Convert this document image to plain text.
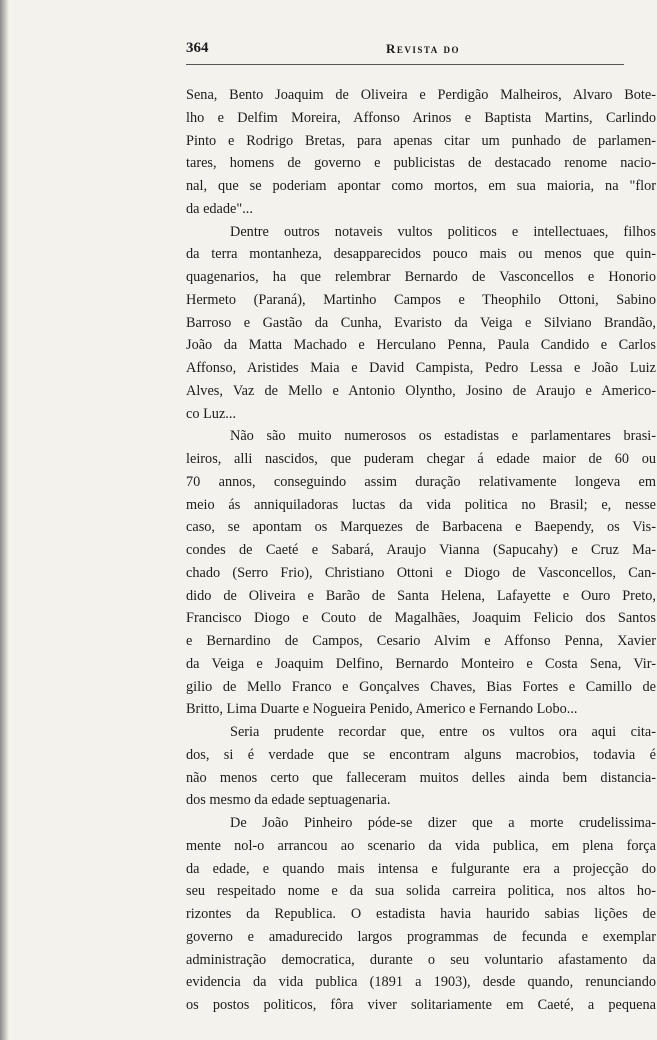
364	Revista do
Sena, Bento Joaquim de Oliveira e Perdigão Malheiros, Alvaro Bote-
lho e Delfim Moreira, Affonso Arinos e Baptista Martins, Carlindo
Pinto e Rodrigo Bretas, para apenas citar um punhado de parlamen-
tares, homens de governo e publicistas de destacado renome nacio-
nal, que se poderiam apontar como mortos, em sua maioria, na "flor
da edade"...
Dentre outros notaveis vultos politicos e intellectuaes, filhos
da terra montanheza, desapparecidos pouco mais ou menos que quin-
quagenarios, ha que relembrar Bernardo de Vasconcellos e Honorio
Hermeto (Paraná), Martinho Campos e Theophilo Ottoni, Sabino
Barroso e Gastão da Cunha, Evaristo da Veiga e Silviano Brandão,
João da Matta Machado e Herculano Penna, Paula Candido e Carlos
Affonso, Aristides Maia e David Campista, Pedro Lessa e João Luiz
Alves, Vaz de Mello e Antonio Olyntho, Josino de Araujo e Americo-
co Luz...
Não são muito numerosos os estadistas e parlamentares brasi-
leiros, alli nascidos, que puderam chegar á edade maior de 60 ou
70 annos, conseguindo assim duração relativamente longeva em
meio ás anniquiladoras luctas da vida politica no Brasil; e, nesse
caso, se apontam os Marquezes de Barbacena e Baependy, os Vis-
condes de Caeté e Sabará, Araujo Vianna (Sapucahy) e Cruz Ma-
chado (Serro Frio), Christiano Ottoni e Diogo de Vasconcellos, Can-
dido de Oliveira e Barão de Santa Helena, Lafayette e Ouro Preto,
Francisco Diogo e Couto de Magalhães, Joaquim Felicio dos Santos
e Bernardino de Campos, Cesario Alvim e Affonso Penna, Xavier
da Veiga e Joaquim Delfino, Bernardo Monteiro e Costa Sena, Vir-
gilio de Mello Franco e Gonçalves Chaves, Bias Fortes e Camillo de
Britto, Lima Duarte e Nogueira Penido, Americo e Fernando Lobo...
Seria prudente recordar que, entre os vultos ora aqui cita-
dos, si é verdade que se encontram alguns macrobios, todavia é
não menos certo que falleceram muitos delles ainda bem distancia-
dos mesmo da edade septuagenaria.
De João Pinheiro póde-se dizer que a morte crudelissima-
mente nol-o arrancou ao scenario da vida publica, em plena força
da edade, e quando mais intensa e fulgurante era a projecção do
seu respeitado nome e da sua solida carreira politica, nos altos ho-
rizontes da Republica. O estadista havia haurido sabias lições de
governo e amadurecido largos programmas de fecunda e exemplar
administração democratica, durante o seu voluntario afastamento da
evidencia da vida publica (1891 a 1903), desde quando, renunciando
os postos politicos, fôra viver solitariamente em Caeté, a pequena
